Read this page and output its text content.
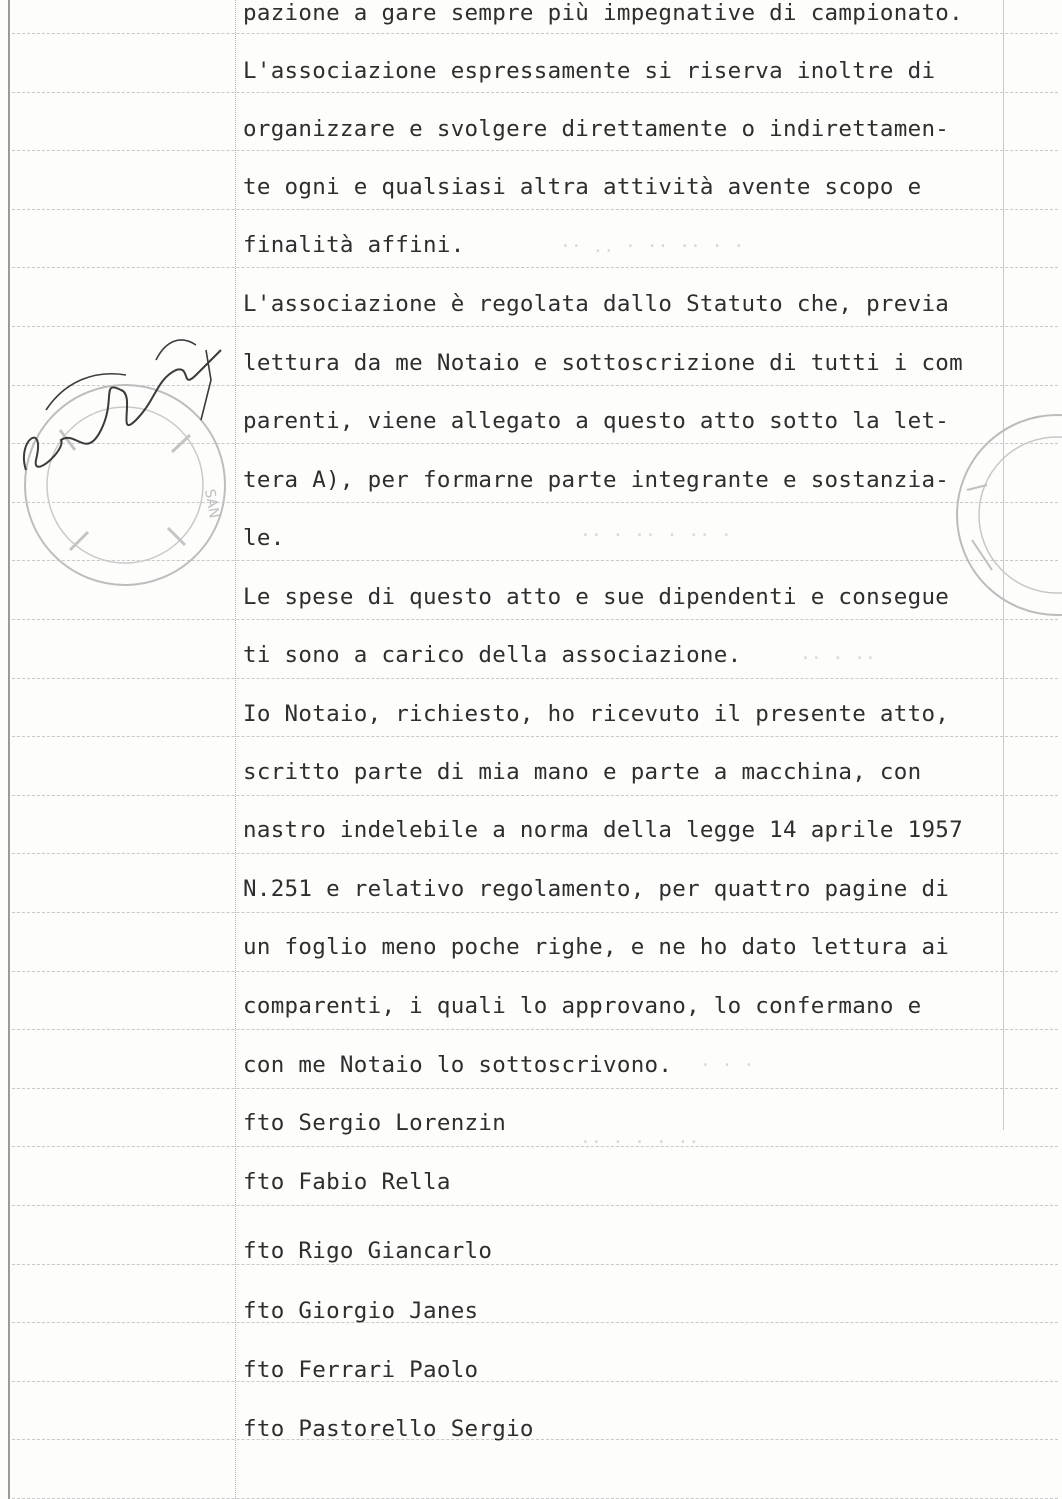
·· .. · ·· ·· · ·
·· · ·· · ·· ·
·· · ··
· · ·
·· · · · ··
SAN
pazione a gare sempre più impegnative di campionato.
L'associazione espressamente si riserva inoltre di
organizzare e svolgere direttamente o indirettamen-
te ogni e qualsiasi altra attività avente scopo e
finalità affini.
L'associazione è regolata dallo Statuto che, previa
lettura da me Notaio e sottoscrizione di tutti i com
parenti, viene allegato a questo atto sotto la let-
tera A), per formarne parte integrante e sostanzia-
le.
Le spese di questo atto e sue dipendenti e consegue
ti sono a carico della associazione.
Io Notaio, richiesto, ho ricevuto il presente atto,
scritto parte di mia mano e parte a macchina, con
nastro indelebile a norma della legge 14 aprile 1957
N.251 e relativo regolamento, per quattro pagine di
un foglio meno poche righe, e ne ho dato lettura ai
comparenti, i quali lo approvano, lo confermano e
con me Notaio lo sottoscrivono.
fto Sergio Lorenzin
fto Fabio Rella
fto Rigo Giancarlo
fto Giorgio Janes
fto Ferrari Paolo
fto Pastorello Sergio
